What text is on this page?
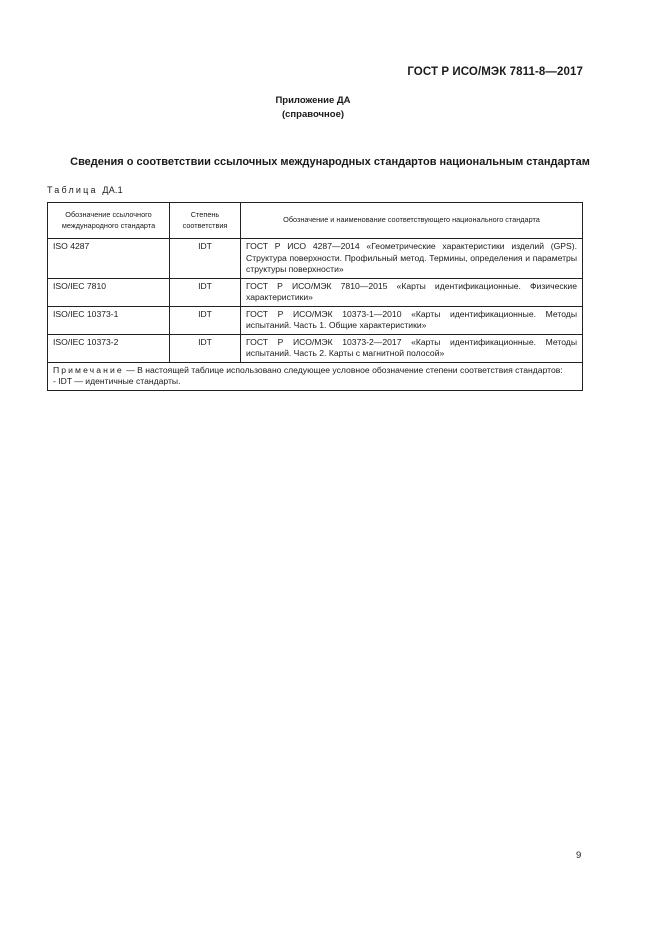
ГОСТ Р ИСО/МЭК 7811-8—2017
Приложение ДА
(справочное)
Сведения о соответствии ссылочных международных стандартов национальным стандартам
Таблица ДА.1
Обозначение ссылочного международного стандарта	Степень соответствия	Обозначение и наименование соответствующего национального стандарта
ISO 4287	IDT	ГОСТ Р ИСО 4287—2014 «Геометрические характеристики изделий (GPS). Структура поверхности. Профильный метод. Термины, определения и параметры структуры поверхности»
ISO/IEC 7810	IDT	ГОСТ Р ИСО/МЭК 7810—2015 «Карты идентификационные. Физические характеристики»
ISO/IEC 10373-1	IDT	ГОСТ Р ИСО/МЭК 10373-1—2010 «Карты идентификационные. Методы испытаний. Часть 1. Общие характеристики»
ISO/IEC 10373-2	IDT	ГОСТ Р ИСО/МЭК 10373-2—2017 «Карты идентификационные. Методы испытаний. Часть 2. Карты с магнитной полосой»
Примечание — В настоящей таблице использовано следующее условное обозначение степени соответствия стандартов:
- IDT — идентичные стандарты.		
9
